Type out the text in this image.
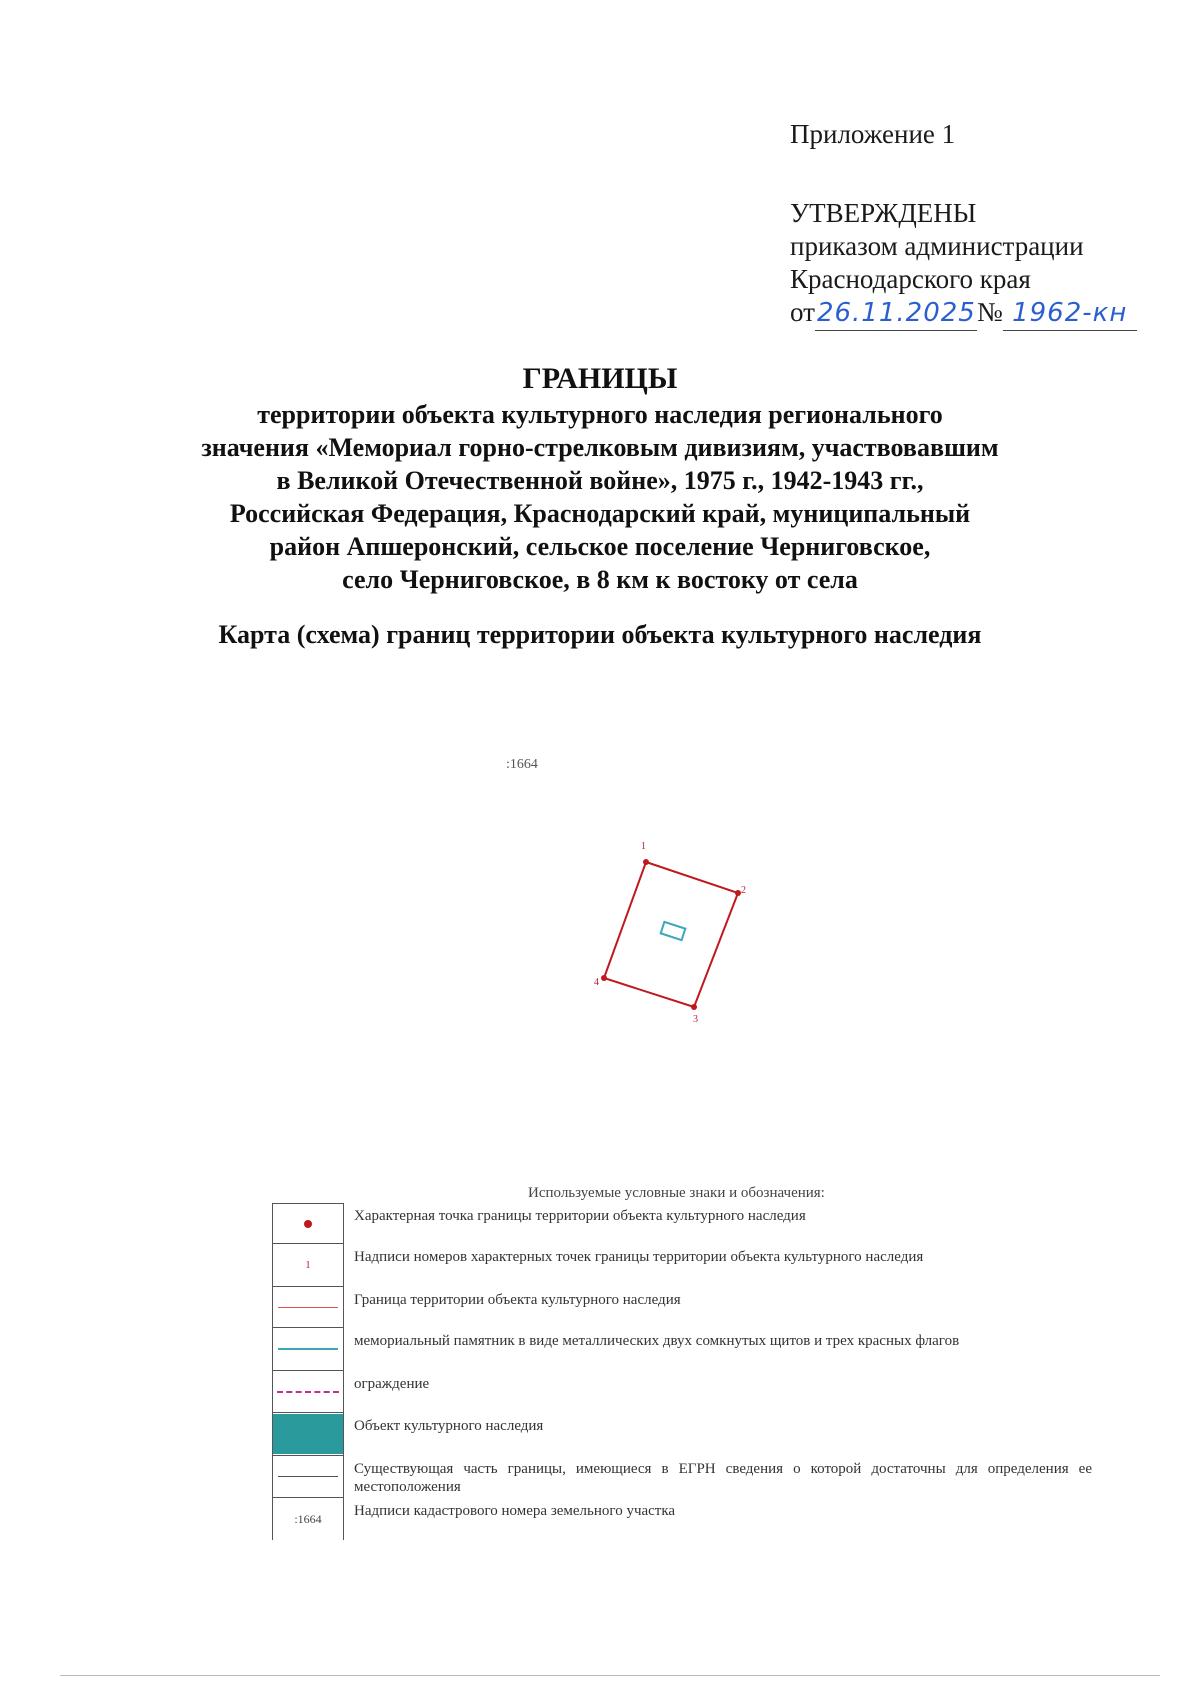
Приложение 1
УТВЕРЖДЕНЫ
приказом администрации
Краснодарского края
от26.11.2025№ 1962-кн
ГРАНИЦЫ
территории объекта культурного наследия регионального
значения «Мемориал горно-стрелковым дивизиям, участвовавшим
в Великой Отечественной войне», 1975 г., 1942-1943 гг.,
Российская Федерация, Краснодарский край, муниципальный
район Апшеронский, сельское поселение Черниговское,
село Черниговское, в 8 км к востоку от села
Карта (схема) границ территории объекта культурного наследия
:1664
1
2
3
4
Используемые условные знаки и обозначения:
Характерная точка границы территории объекта культурного наследия
1	Надписи номеров характерных точек границы территории объекта культурного наследия
Граница территории объекта культурного наследия
мемориальный памятник в виде металлических двух сомкнутых щитов и трех красных флагов
ограждение
Объект культурного наследия
Существующая часть границы, имеющиеся в ЕГРН сведения о которой достаточны для определения ее местоположения
:1664	Надписи кадастрового номера земельного участка
